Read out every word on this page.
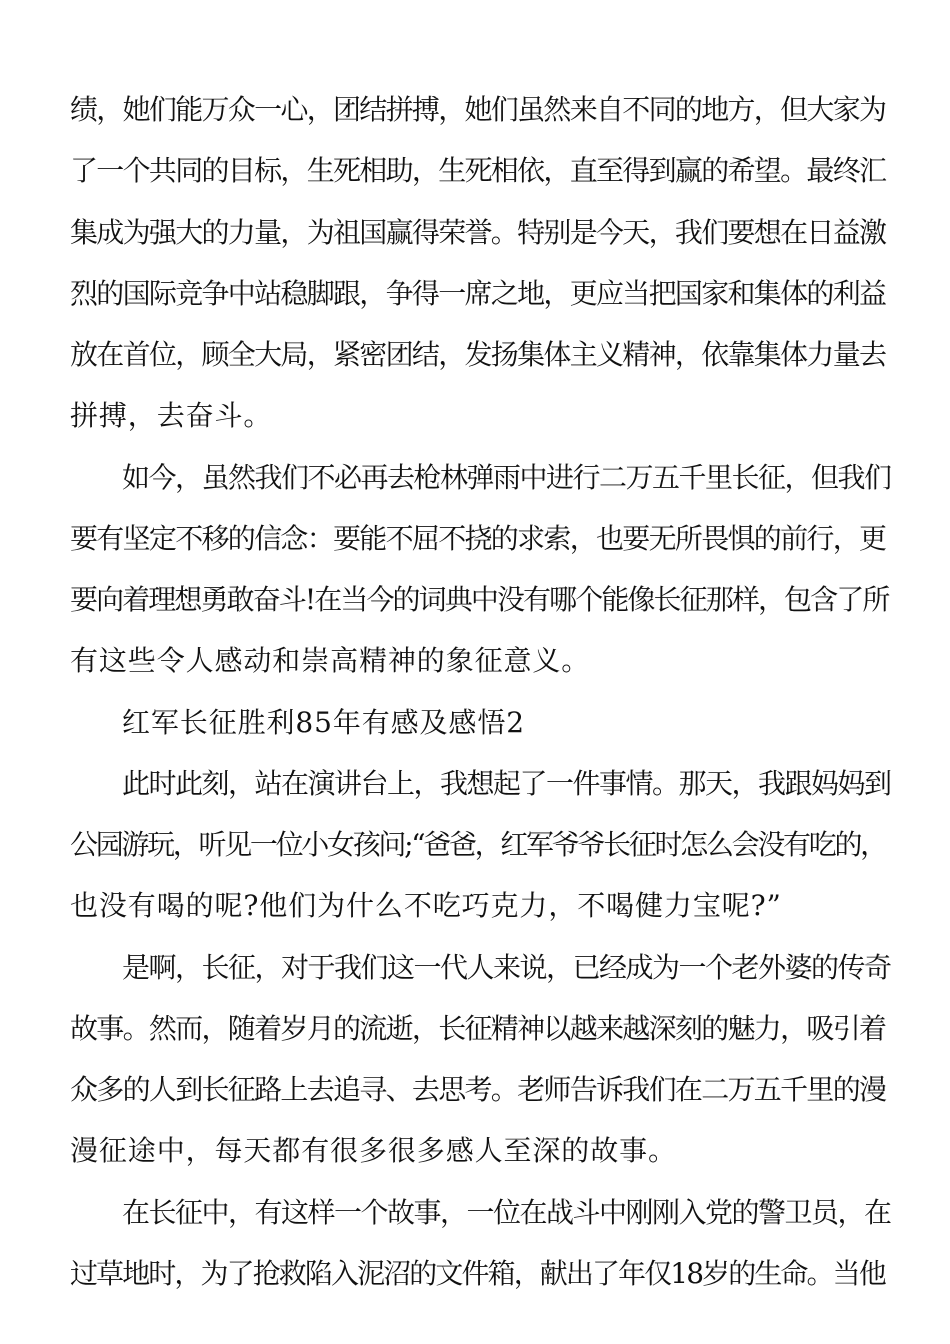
绩，她们能万众一心，团结拼搏，她们虽然来自不同的地方，但大家为
了一个共同的目标，生死相助，生死相依，直至得到赢的希望。最终汇
集成为强大的力量，为祖国赢得荣誉。特别是今天，我们要想在日益激
烈的国际竞争中站稳脚跟，争得一席之地，更应当把国家和集体的利益
放在首位，顾全大局，紧密团结，发扬集体主义精神，依靠集体力量去
拼搏，去奋斗。
如今，虽然我们不必再去枪林弹雨中进行二万五千里长征，但我们
要有坚定不移的信念：要能不屈不挠的求索，也要无所畏惧的前行，更
要向着理想勇敢奋斗!在当今的词典中没有哪个能像长征那样，包含了所
有这些令人感动和崇高精神的象征意义。
红军长征胜利85年有感及感悟2
此时此刻，站在演讲台上，我想起了一件事情。那天，我跟妈妈到
公园游玩，听见一位小女孩问;“爸爸，红军爷爷长征时怎么会没有吃的，
也没有喝的呢?他们为什么不吃巧克力，不喝健力宝呢?”
是啊，长征，对于我们这一代人来说，已经成为一个老外婆的传奇
故事。然而，随着岁月的流逝，长征精神以越来越深刻的魅力，吸引着
众多的人到长征路上去追寻、去思考。老师告诉我们在二万五千里的漫
漫征途中，每天都有很多很多感人至深的故事。
在长征中，有这样一个故事，一位在战斗中刚刚入党的警卫员，在
过草地时，为了抢救陷入泥沼的文件箱，献出了年仅18岁的生命。当他
